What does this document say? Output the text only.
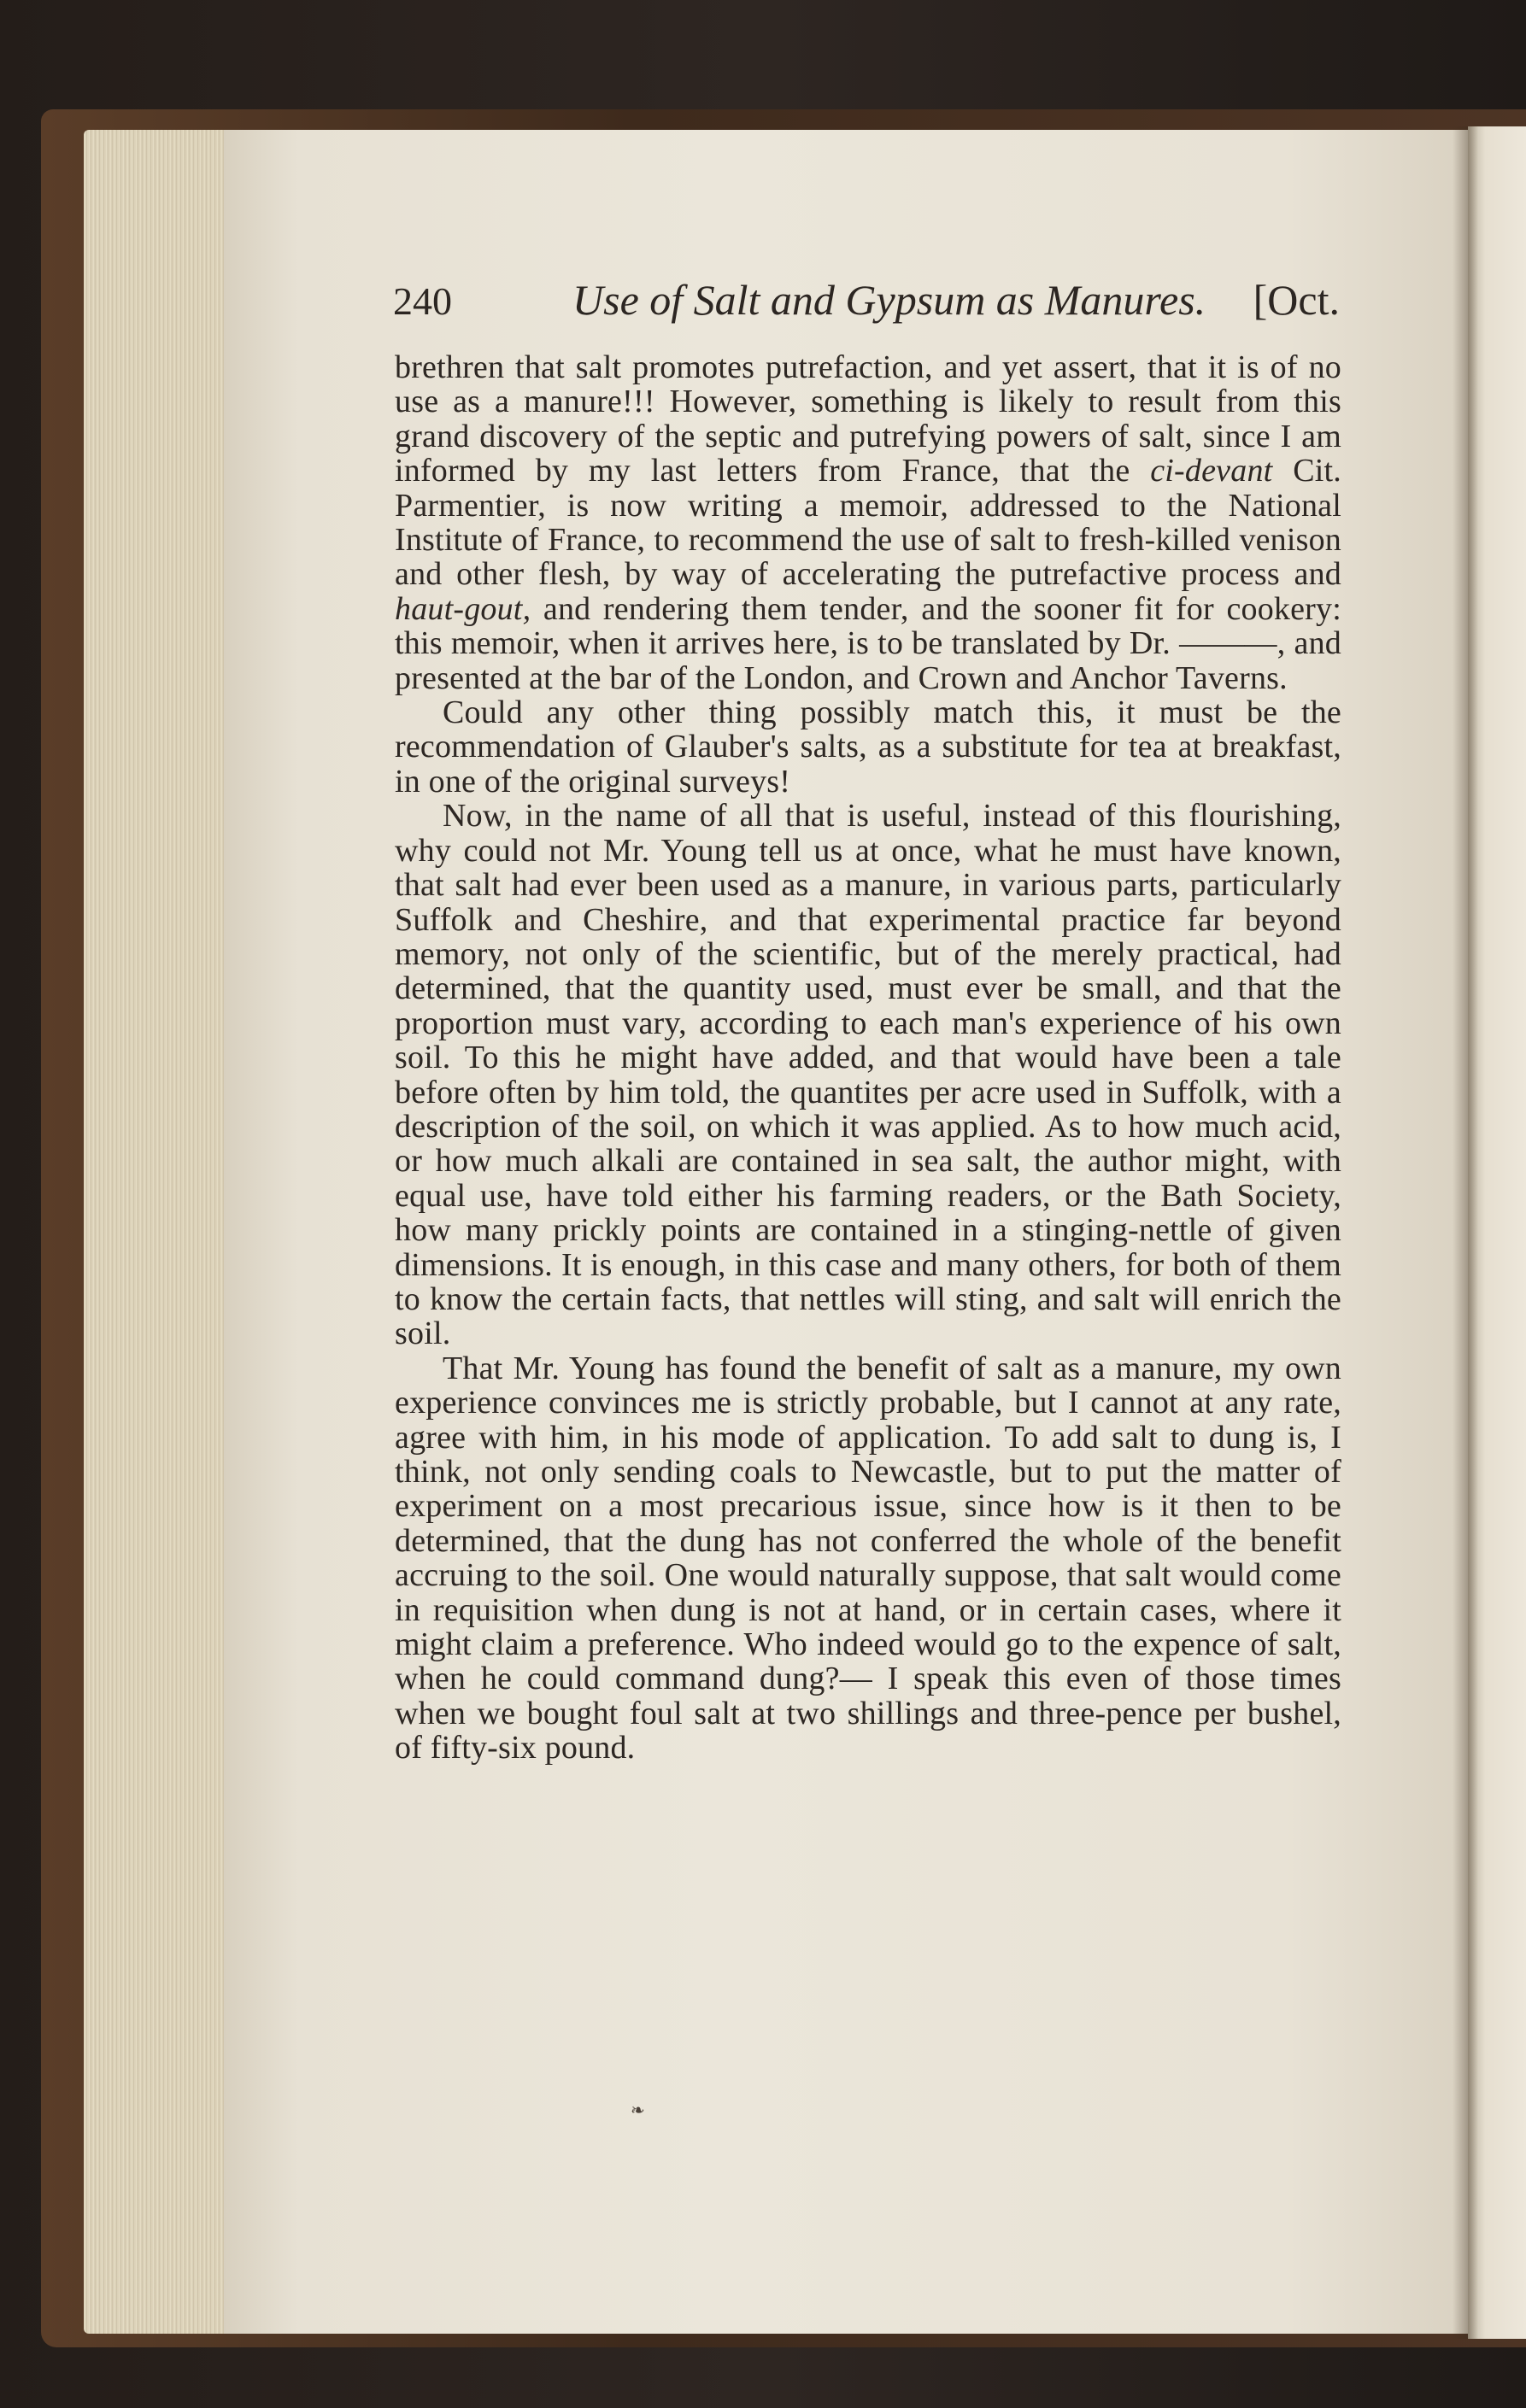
240	Use of Salt and Gypsum as Manures. [Oct.

brethren that salt promotes putrefaction, and yet assert, that it is of no use as a manure!!! However, something is likely to result from this grand discovery of the septic and putrefying powers of salt, since I am informed by my last letters from France, that the ci-devant Cit. Parmentier, is now writing a memoir, addressed to the National Institute of France, to recommend the use of salt to fresh-killed venison and other flesh, by way of accelerating the putrefactive process and haut-gout, and rendering them tender, and the sooner fit for cookery: this memoir, when it arrives here, is to be translated by Dr. ———, and presented at the bar of the London, and Crown and Anchor Taverns.

Could any other thing possibly match this, it must be the recommendation of Glauber's salts, as a substitute for tea at breakfast, in one of the original surveys!

Now, in the name of all that is useful, instead of this flourishing, why could not Mr. Young tell us at once, what he must have known, that salt had ever been used as a manure, in various parts, particularly Suffolk and Cheshire, and that experimental practice far beyond memory, not only of the scientific, but of the merely practical, had determined, that the quantity used, must ever be small, and that the proportion must vary, according to each man's experience of his own soil. To this he might have added, and that would have been a tale before often by him told, the quantites per acre used in Suffolk, with a description of the soil, on which it was applied. As to how much acid, or how much alkali are contained in sea salt, the author might, with equal use, have told either his farming readers, or the Bath Society, how many prickly points are contained in a stinging-nettle of given dimensions. It is enough, in this case and many others, for both of them to know the certain facts, that nettles will sting, and salt will enrich the soil.

That Mr. Young has found the benefit of salt as a manure, my own experience convinces me is strictly probable, but I cannot at any rate, agree with him, in his mode of application. To add salt to dung is, I think, not only sending coals to Newcastle, but to put the matter of experiment on a most precarious issue, since how is it then to be determined, that the dung has not conferred the whole of the benefit accruing to the soil. One would naturally suppose, that salt would come in requisition when dung is not at hand, or in certain cases, where it might claim a preference. Who indeed would go to the expence of salt, when he could command dung?— I speak this even of those times when we bought foul salt at two shillings and three-pence per bushel, of fifty-six pound.

❧
